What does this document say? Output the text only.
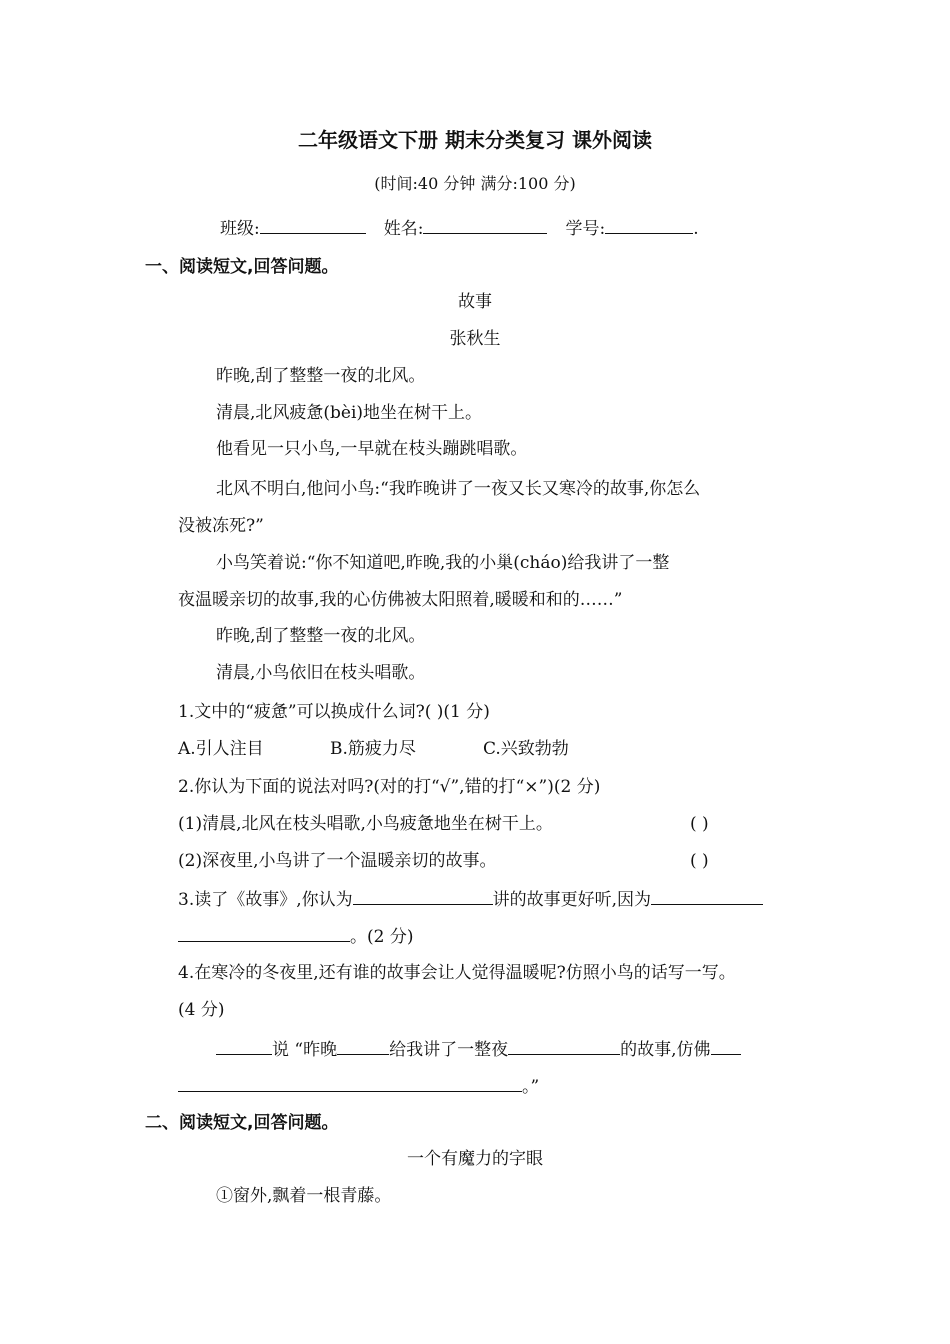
二年级语文下册 期末分类复习 课外阅读
(时间:40 分钟 满分:100 分)
班级:	姓名:	学号:	.
一、阅读短文,回答问题。
故事
张秋生
昨晚,刮了整整一夜的北风。
清晨,北风疲惫(bèi)地坐在树干上。
他看见一只小鸟,一早就在枝头蹦跳唱歌。
北风不明白,他问小鸟:“我昨晚讲了一夜又长又寒冷的故事,你怎么
没被冻死?”
小鸟笑着说:“你不知道吧,昨晚,我的小巢(cháo)给我讲了一整
夜温暖亲切的故事,我的心仿佛被太阳照着,暖暖和和的……”
昨晚,刮了整整一夜的北风。
清晨,小鸟依旧在枝头唱歌。
1.文中的“疲惫”可以换成什么词?( )(1 分)
A.引人注目	B.筋疲力尽	C.兴致勃勃
2.你认为下面的说法对吗?(对的打“√”,错的打“×”)(2 分)
(1)清晨,北风在枝头唱歌,小鸟疲惫地坐在树干上。	( )
(2)深夜里,小鸟讲了一个温暖亲切的故事。	( )
3.读了《故事》,你认为	讲的故事更好听,因为
。(2 分)
4.在寒冷的冬夜里,还有谁的故事会让人觉得温暖呢?仿照小鸟的话写一写。
(4 分)
说 “昨晚	给我讲了一整夜	的故事,仿佛
。”
二、阅读短文,回答问题。
一个有魔力的字眼
①窗外,飘着一根青藤。
